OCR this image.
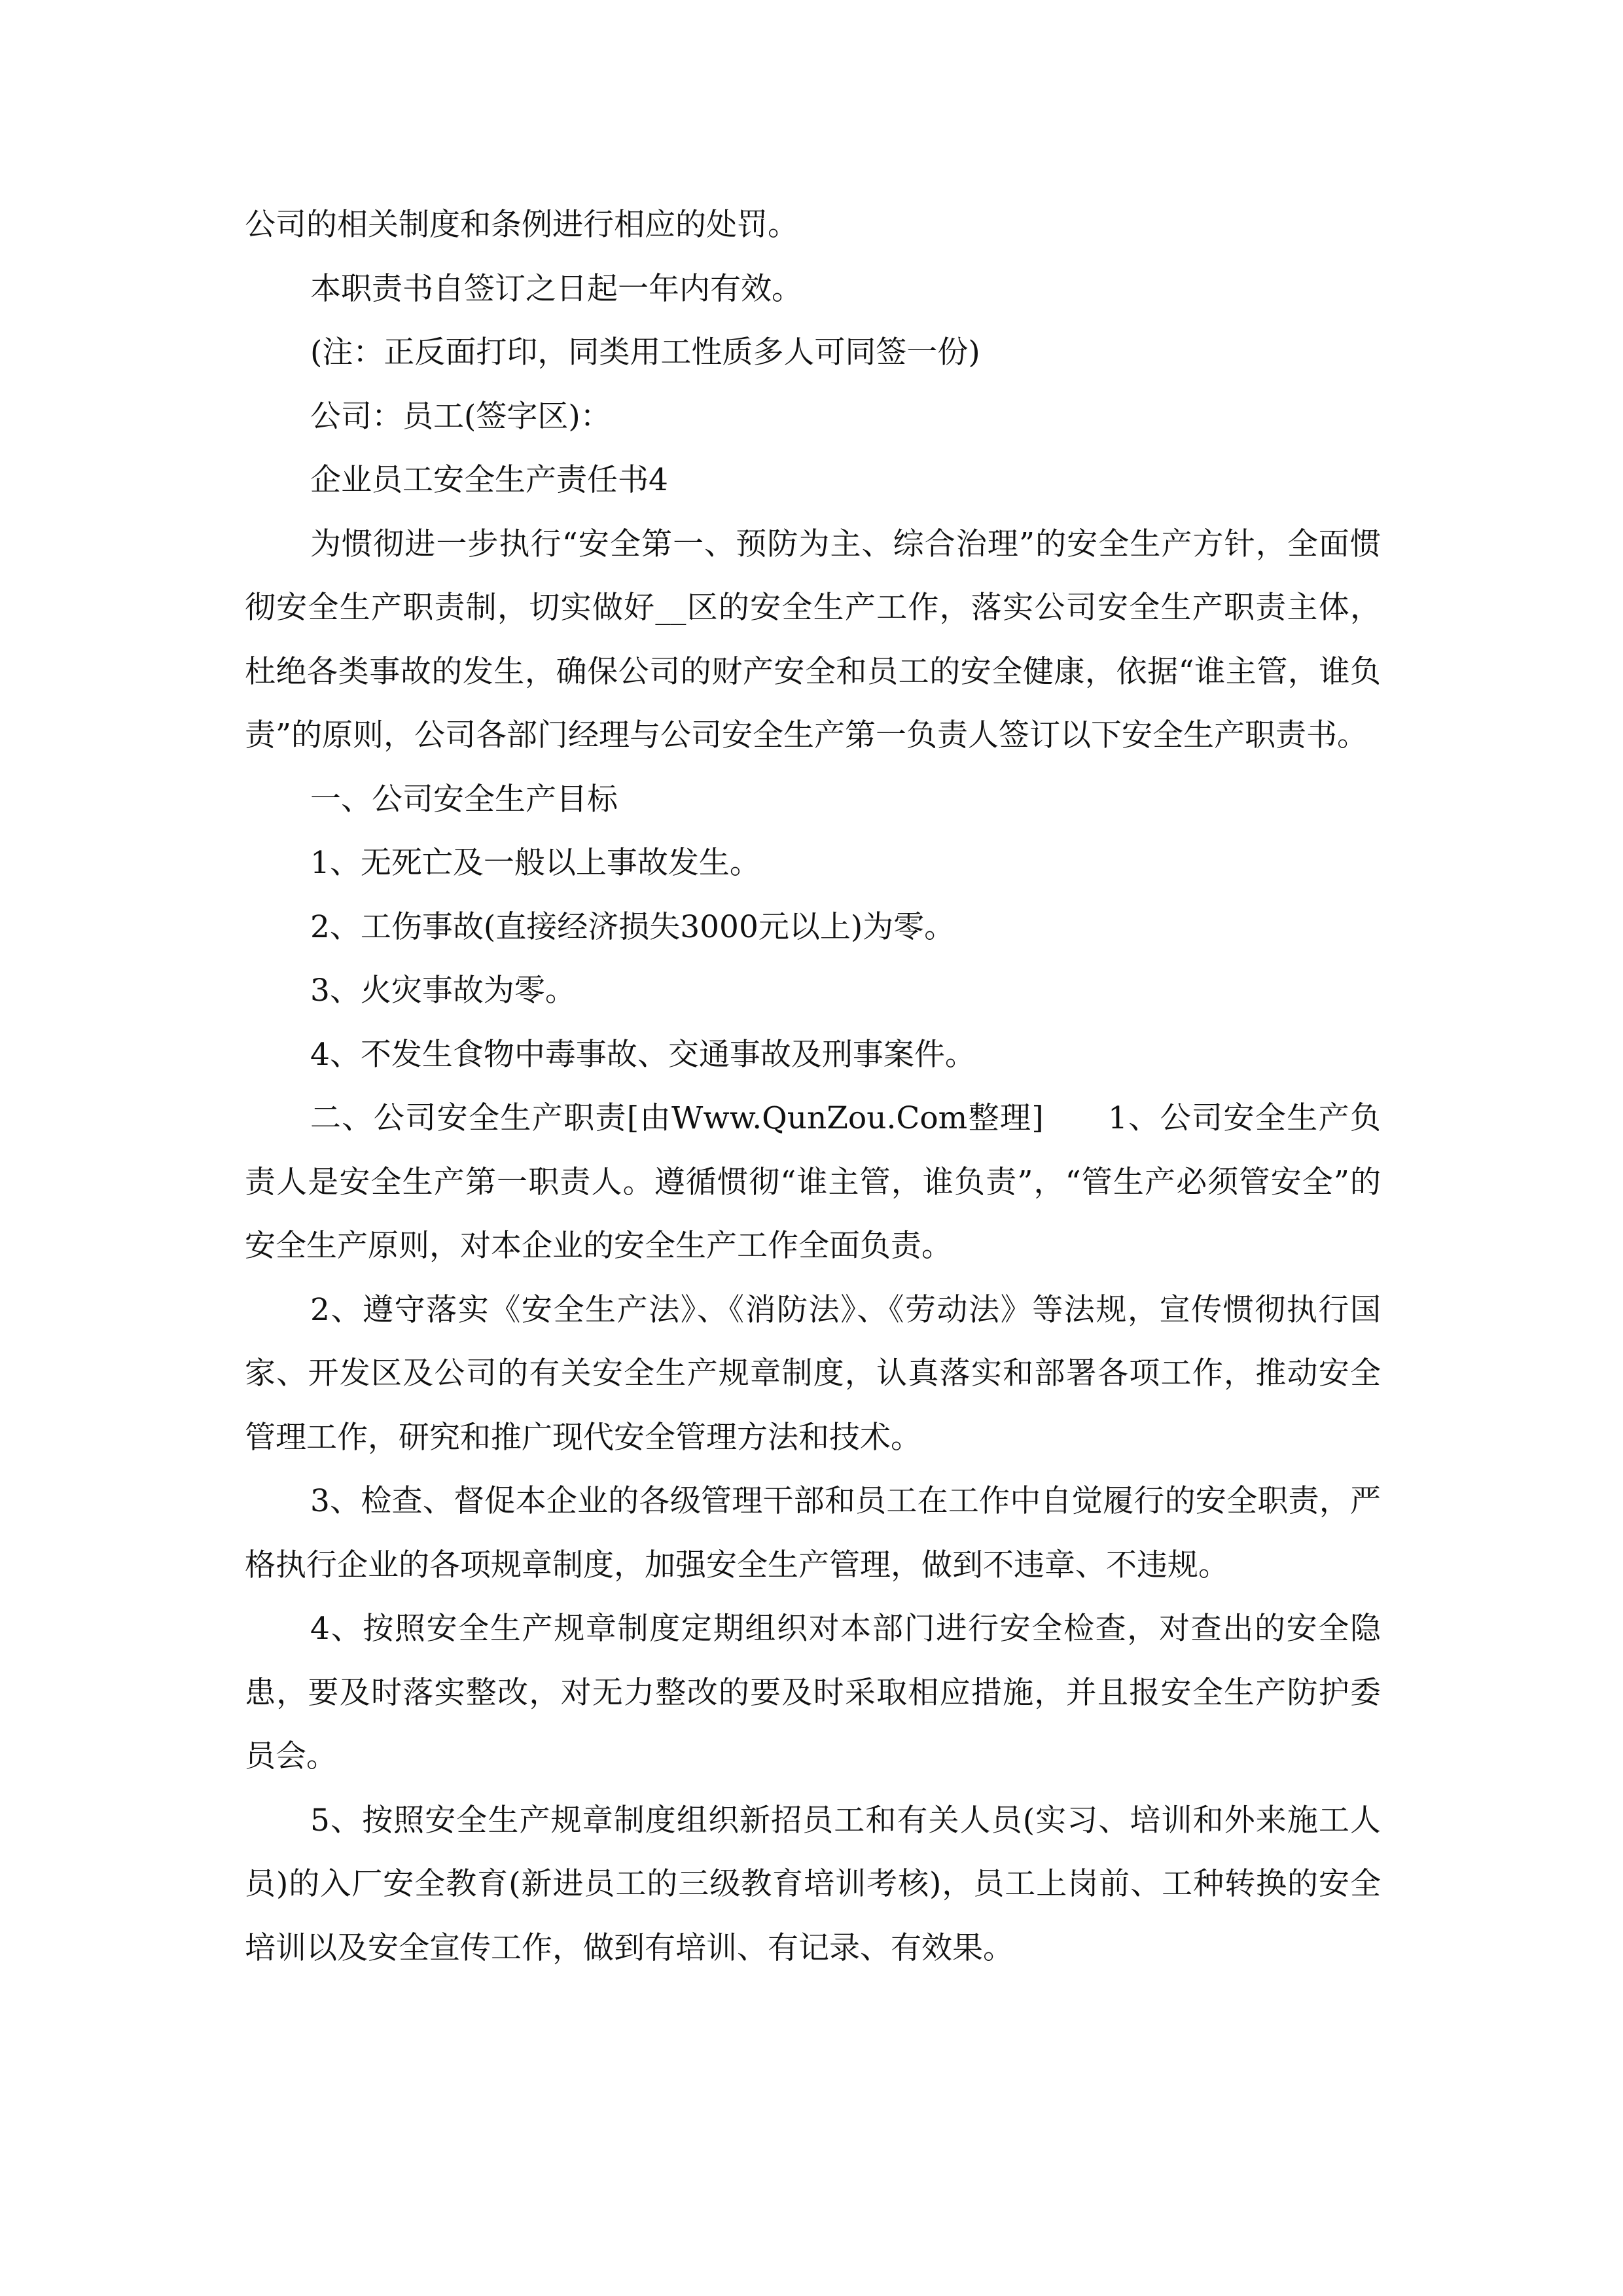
公司的相关制度和条例进行相应的处罚。

本职责书自签订之日起一年内有效。

(注：正反面打印，同类用工性质多人可同签一份)

公司：员工(签字区)：

企业员工安全生产责任书4

为惯彻进一步执行“安全第一、预防为主、综合治理”的安全生产方针，全面惯彻安全生产职责制，切实做好__区的安全生产工作，落实公司安全生产职责主体，杜绝各类事故的发生，确保公司的财产安全和员工的安全健康，依据“谁主管，谁负责”的原则，公司各部门经理与公司安全生产第一负责人签订以下安全生产职责书。

一、公司安全生产目标

1、无死亡及一般以上事故发生。

2、工伤事故(直接经济损失3000元以上)为零。

3、火灾事故为零。

4、不发生食物中毒事故、交通事故及刑事案件。

二、公司安全生产职责[由Www.QunZou.Com整理]　　1、公司安全生产负责人是安全生产第一职责人。遵循惯彻“谁主管，谁负责”，“管生产必须管安全”的安全生产原则，对本企业的安全生产工作全面负责。

2、遵守落实《安全生产法》、《消防法》、《劳动法》等法规，宣传惯彻执行国家、开发区及公司的有关安全生产规章制度，认真落实和部署各项工作，推动安全管理工作，研究和推广现代安全管理方法和技术。

3、检查、督促本企业的各级管理干部和员工在工作中自觉履行的安全职责，严格执行企业的各项规章制度，加强安全生产管理，做到不违章、不违规。

4、按照安全生产规章制度定期组织对本部门进行安全检查，对查出的安全隐患，要及时落实整改，对无力整改的要及时采取相应措施，并且报安全生产防护委员会。

5、按照安全生产规章制度组织新招员工和有关人员(实习、培训和外来施工人员)的入厂安全教育(新进员工的三级教育培训考核)，员工上岗前、工种转换的安全培训以及安全宣传工作，做到有培训、有记录、有效果。
